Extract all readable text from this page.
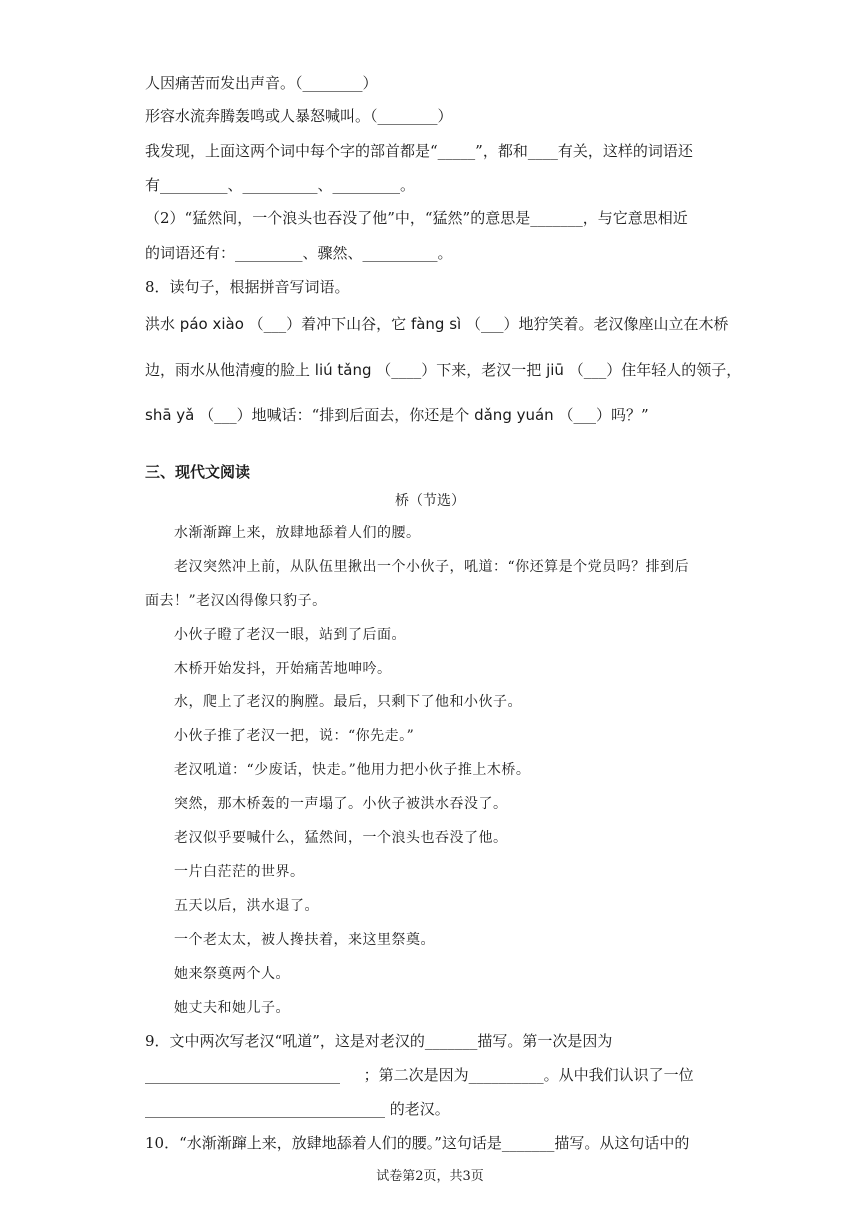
人因痛苦而发出声音。（________）
形容水流奔腾轰鸣或人暴怒喊叫。（________）
我发现，上面这两个词中每个字的部首都是“_____”，都和____有关，这样的词语还
有_________、__________、_________。
（2）“猛然间，一个浪头也吞没了他”中，“猛然”的意思是_______，与它意思相近
的词语还有：_________、骤然、__________。
8．读句子，根据拼音写词语。
洪水 páo xiào （___）着冲下山谷，它 fàng sì （___）地狞笑着。老汉像座山立在木桥
边，雨水从他清瘦的脸上 liú tǎng （____）下来，老汉一把 jiū （___）住年轻人的领子，
shā yǎ （___）地喊话：“排到后面去，你还是个 dǎng yuán （___）吗？”
三、现代文阅读
桥（节选）
水渐渐蹿上来，放肆地舔着人们的腰。
老汉突然冲上前，从队伍里揪出一个小伙子，吼道：“你还算是个党员吗？排到后
面去！”老汉凶得像只豹子。
小伙子瞪了老汉一眼，站到了后面。
木桥开始发抖，开始痛苦地呻吟。
水，爬上了老汉的胸膛。最后，只剩下了他和小伙子。
小伙子推了老汉一把，说：“你先走。”
老汉吼道：“少废话，快走。”他用力把小伙子推上木桥。
突然，那木桥轰的一声塌了。小伙子被洪水吞没了。
老汉似乎要喊什么，猛然间，一个浪头也吞没了他。
一片白茫茫的世界。
五天以后，洪水退了。
一个老太太，被人搀扶着，来这里祭奠。
她来祭奠两个人。
她丈夫和她儿子。
9．文中两次写老汉“吼道”，这是对老汉的_______描写。第一次是因为
__________________________ ；第二次是因为__________。从中我们认识了一位
________________________________ 的老汉。
10．“水渐渐蹿上来，放肆地舔着人们的腰。”这句话是_______描写。从这句话中的
试卷第2页，共3页
